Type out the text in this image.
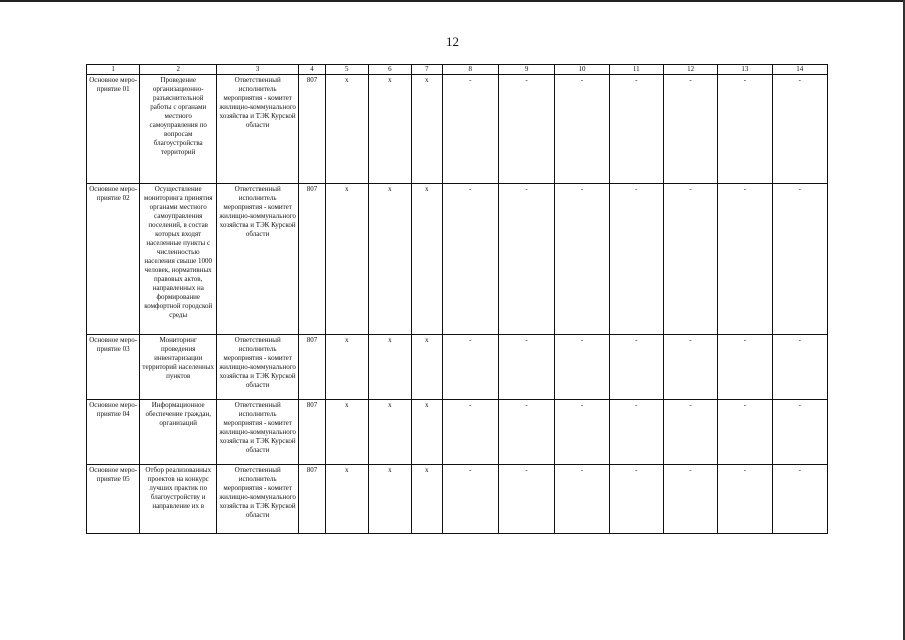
12
1	2	3	4	5	6	7	8	9	10	11	12	13	14
Основное меро-приятие 01	Проведение организационно-разъяснительной работы с органами местного самоуправления по вопросам благоустройства территорий	Ответственный исполнитель мероприятия - комитет жилищно-коммунального хозяйства и ТЭК Курской области	807	х	х	х	-	-	-	-	-	-	-
Основное меро-приятие 02	Осуществление мониторинга принятия органами местного самоуправления поселений, в состав которых входят населенные пункты с численностью населения свыше 1000 человек, нормативных правовых актов, направленных на формирование комфортной городской среды	Ответственный исполнитель мероприятия - комитет жилищно-коммунального хозяйства и ТЭК Курской области	807	х	х	х	-	-	-	-	-	-	-
Основное меро-приятие 03	Мониторинг проведения инвентаризации территорий населенных пунктов	Ответственный исполнитель мероприятия - комитет жилищно-коммунального хозяйства и ТЭК Курской области	807	х	х	х	-	-	-	-	-	-	-
Основное меро-приятие 04	Информационное обеспечение граждан, организаций	Ответственный исполнитель мероприятия - комитет жилищно-коммунального хозяйства и ТЭК Курской области	807	х	х	х	-	-	-	-	-	-	-
Основное меро-приятие 05	Отбор реализованных проектов на конкурс лучших практик по благоустройству и направление их в	Ответственный исполнитель мероприятия - комитет жилищно-коммунального хозяйства и ТЭК Курской области	807	х	х	х	-	-	-	-	-	-	-
